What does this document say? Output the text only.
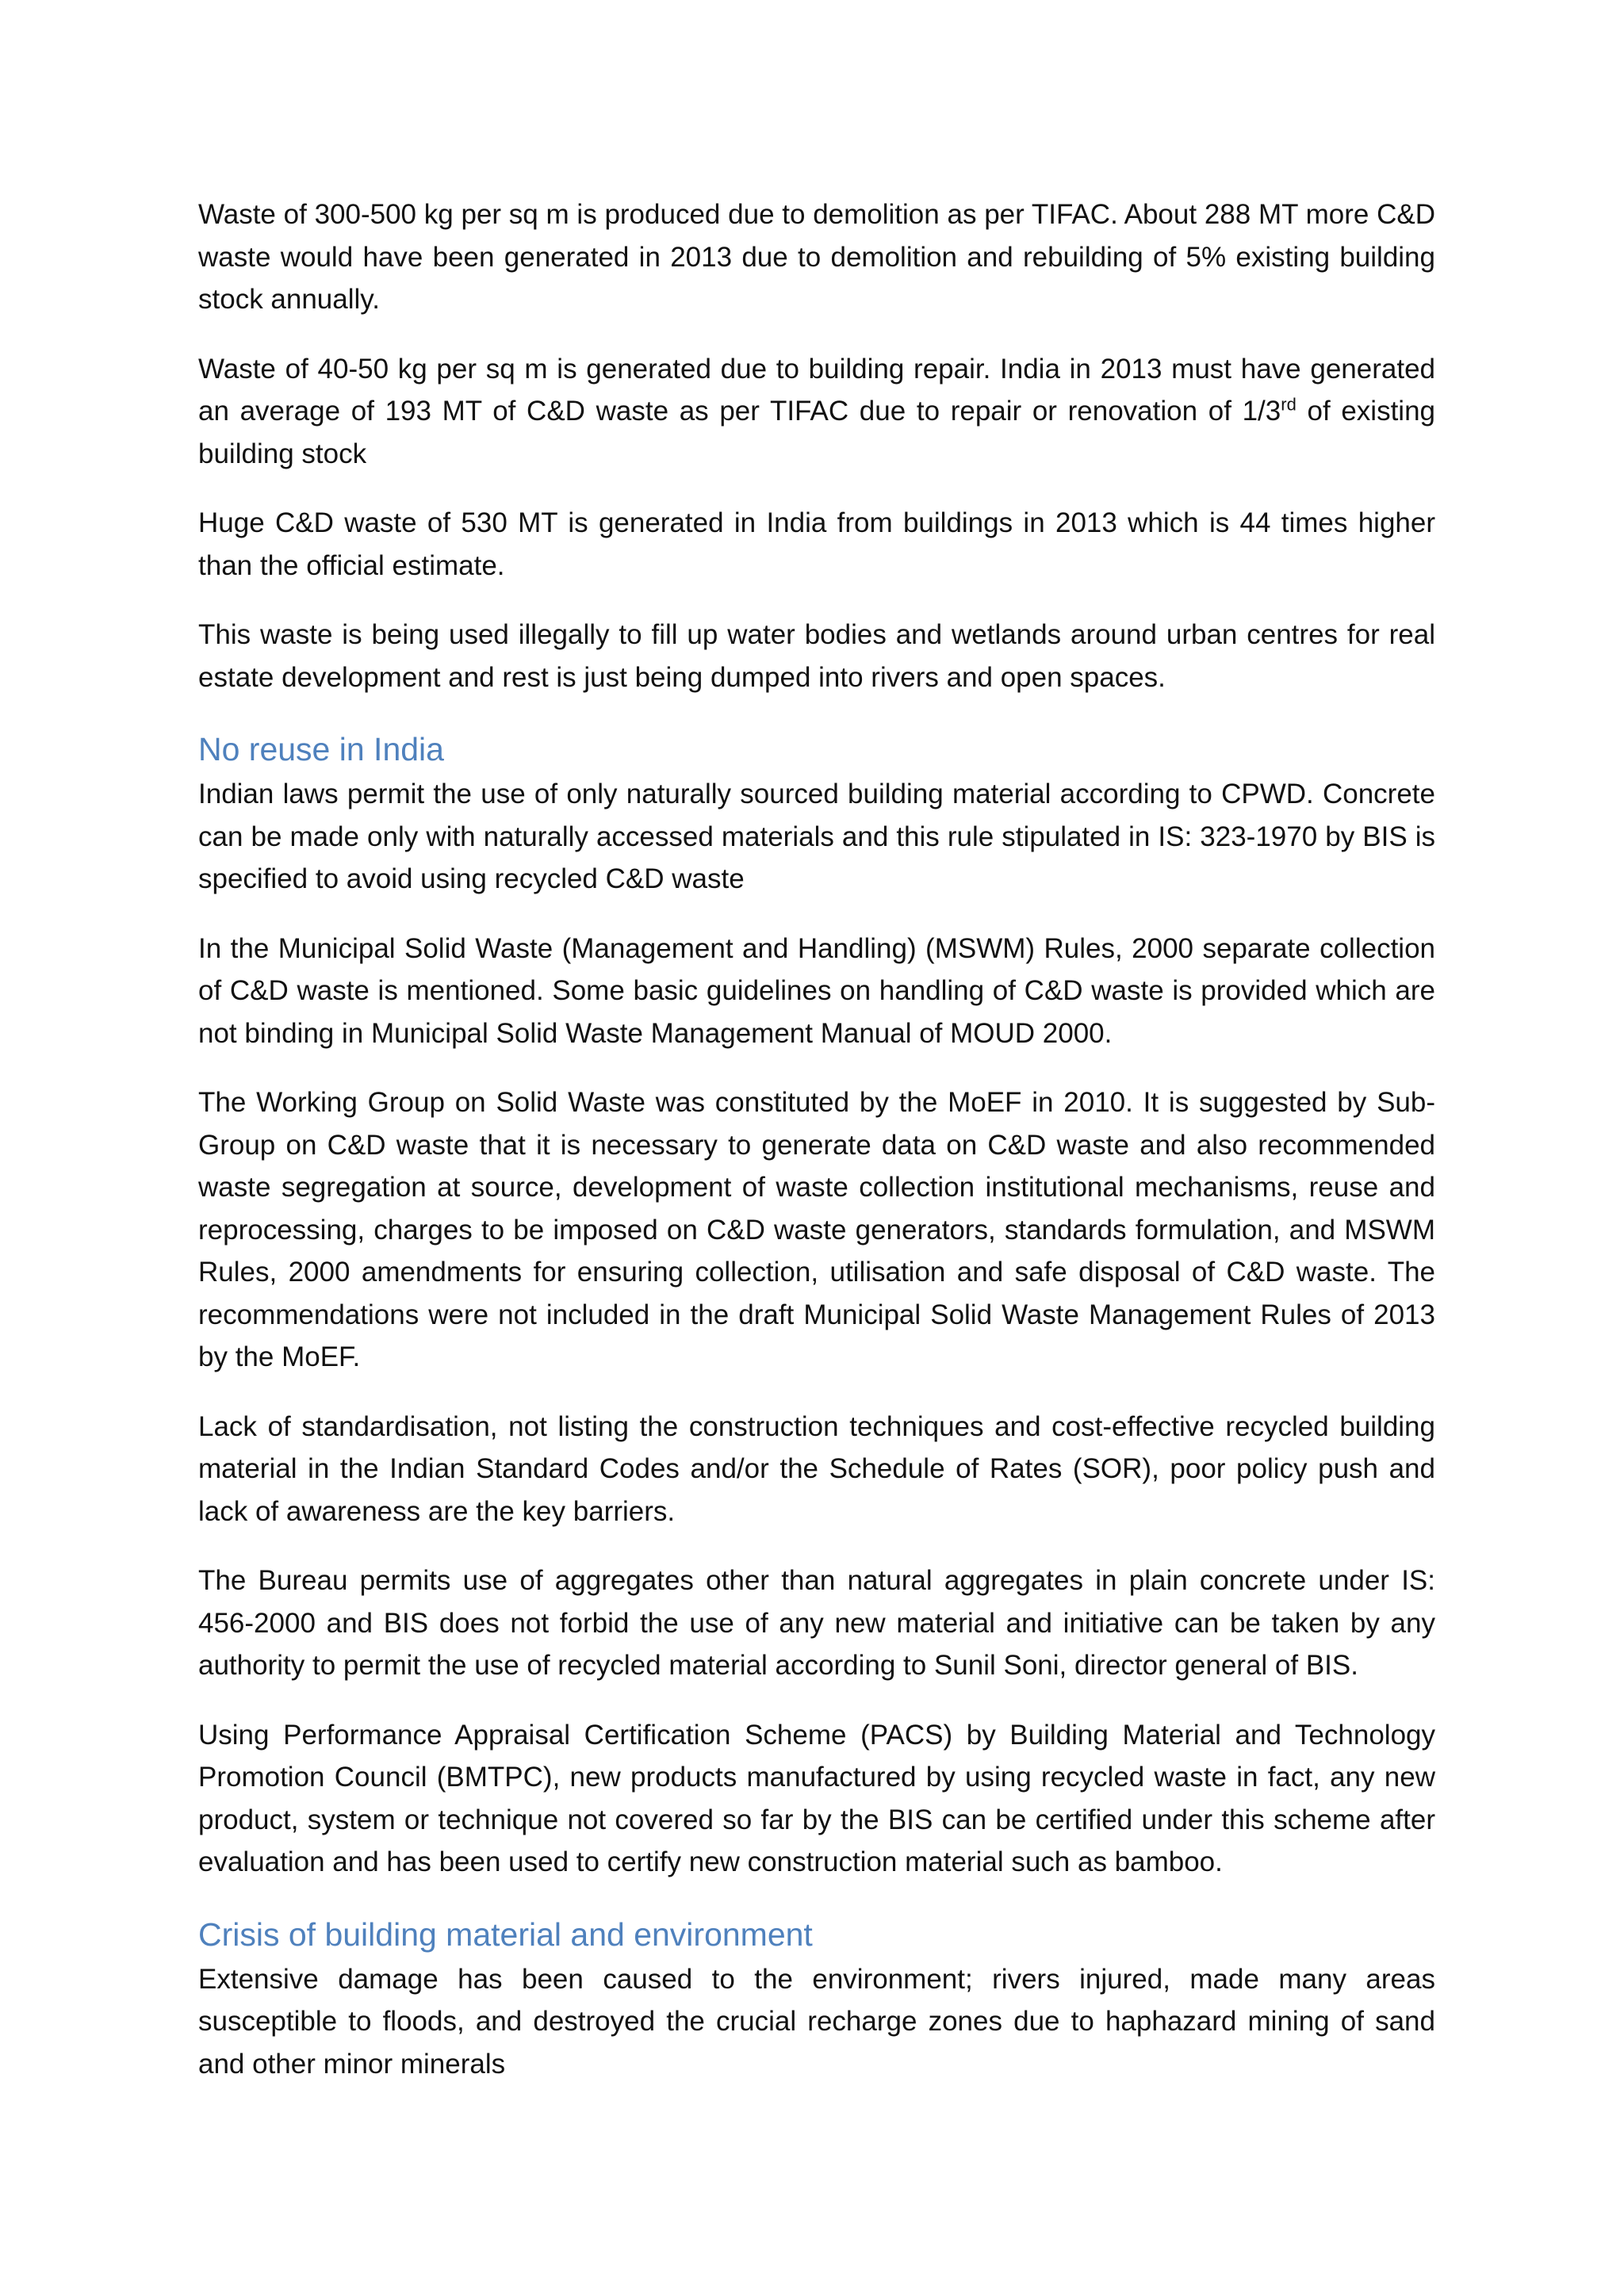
Waste of 300-500 kg per sq m is produced due to demolition as per TIFAC. About 288 MT more C&D waste would have been generated in 2013 due to demolition and rebuilding of 5% existing building stock annually.

Waste of 40-50 kg per sq m is generated due to building repair. India in 2013 must have generated an average of 193 MT of C&D waste as per TIFAC due to repair or renovation of 1/3rd of existing building stock

Huge C&D waste of 530 MT is generated in India from buildings in 2013 which is 44 times higher than the official estimate.

This waste is being used illegally to fill up water bodies and wetlands around urban centres for real estate development and rest is just being dumped into rivers and open spaces.

No reuse in India

Indian laws permit the use of only naturally sourced building material according to CPWD. Concrete can be made only with naturally accessed materials and this rule stipulated in IS: 323-1970 by BIS is specified to avoid using recycled C&D waste

In the Municipal Solid Waste (Management and Handling) (MSWM) Rules, 2000 separate collection of C&D waste is mentioned. Some basic guidelines on handling of C&D waste is provided which are not binding in Municipal Solid Waste Management Manual of MOUD 2000.

The Working Group on Solid Waste was constituted by the MoEF in 2010. It is suggested by Sub-Group on C&D waste that it is necessary to generate data on C&D waste and also recommended waste segregation at source, development of waste collection institutional mechanisms, reuse and reprocessing, charges to be imposed on C&D waste generators, standards formulation, and MSWM Rules, 2000 amendments for ensuring collection, utilisation and safe disposal of C&D waste. The recommendations were not included in the draft Municipal Solid Waste Management Rules of 2013 by the MoEF.

Lack of standardisation, not listing the construction techniques and cost-effective recycled building material in the Indian Standard Codes and/or the Schedule of Rates (SOR), poor policy push and lack of awareness are the key barriers.

The Bureau permits use of aggregates other than natural aggregates in plain concrete under IS: 456-2000 and BIS does not forbid the use of any new material and initiative can be taken by any authority to permit the use of recycled material according to Sunil Soni, director general of BIS.

Using Performance Appraisal Certification Scheme (PACS) by Building Material and Technology Promotion Council (BMTPC), new products manufactured by using recycled waste in fact, any new product, system or technique not covered so far by the BIS can be certified under this scheme after evaluation and has been used to certify new construction material such as bamboo.

Crisis of building material and environment

Extensive damage has been caused to the environment; rivers injured, made many areas susceptible to floods, and destroyed the crucial recharge zones due to haphazard mining of sand and other minor minerals
